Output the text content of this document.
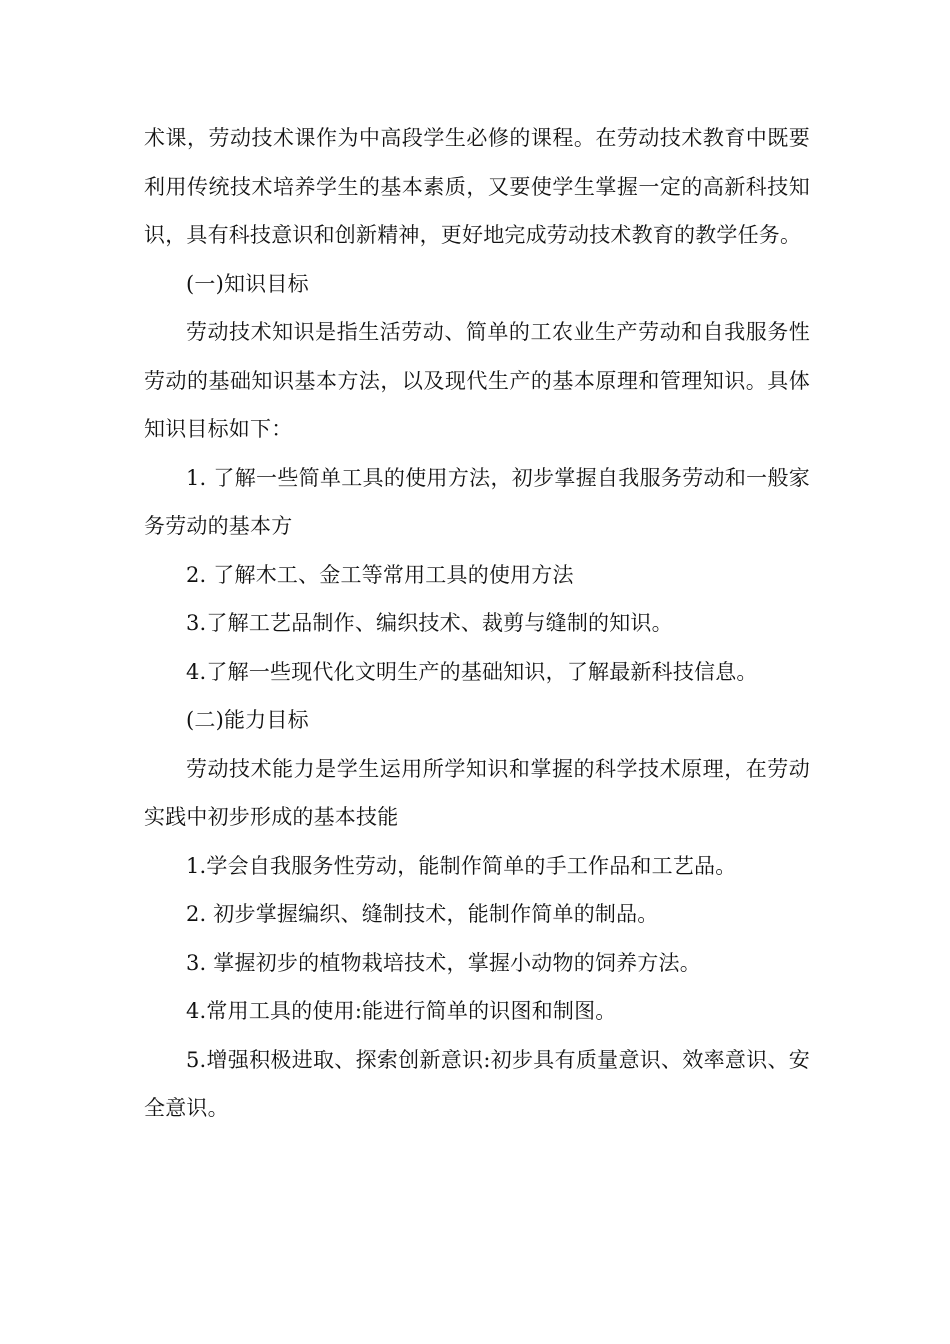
术课，劳动技术课作为中高段学生必修的课程。在劳动技术教育中既要利用传统技术培养学生的基本素质，又要使学生掌握一定的高新科技知识，具有科技意识和创新精神，更好地完成劳动技术教育的教学任务。

(一)知识目标

劳动技术知识是指生活劳动、简单的工农业生产劳动和自我服务性劳动的基础知识基本方法，以及现代生产的基本原理和管理知识。具体知识目标如下：

1. 了解一些简单工具的使用方法，初步掌握自我服务劳动和一般家务劳动的基本方

2. 了解木工、金工等常用工具的使用方法

3.了解工艺品制作、编织技术、裁剪与缝制的知识。

4.了解一些现代化文明生产的基础知识，了解最新科技信息。

(二)能力目标

劳动技术能力是学生运用所学知识和掌握的科学技术原理，在劳动实践中初步形成的基本技能

1.学会自我服务性劳动，能制作简单的手工作品和工艺品。

2. 初步掌握编织、缝制技术，能制作简单的制品。

3. 掌握初步的植物栽培技术，掌握小动物的饲养方法。

4.常用工具的使用:能进行简单的识图和制图。

5.增强积极进取、探索创新意识:初步具有质量意识、效率意识、安全意识。
